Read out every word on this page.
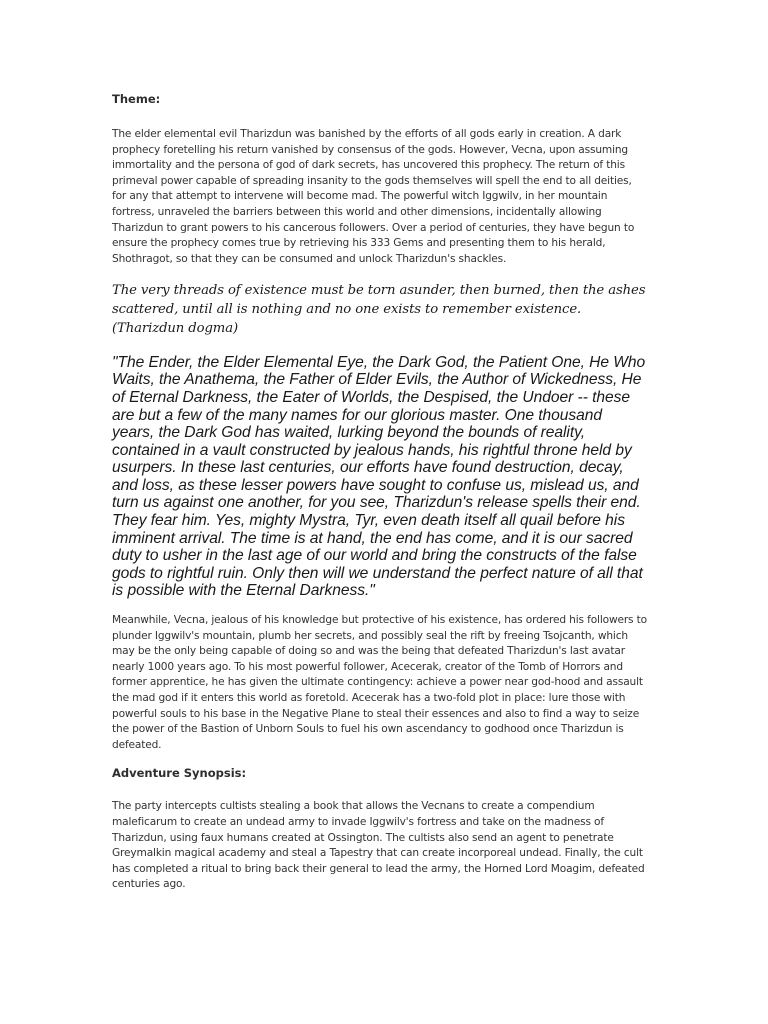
Theme:

The elder elemental evil Tharizdun was banished by the efforts of all gods early in creation. A dark prophecy foretelling his return vanished by consensus of the gods. However, Vecna, upon assuming immortality and the persona of god of dark secrets, has uncovered this prophecy. The return of this primeval power capable of spreading insanity to the gods themselves will spell the end to all deities, for any that attempt to intervene will become mad. The powerful witch Iggwilv, in her mountain fortress, unraveled the barriers between this world and other dimensions, incidentally allowing Tharizdun to grant powers to his cancerous followers. Over a period of centuries, they have begun to ensure the prophecy comes true by retrieving his 333 Gems and presenting them to his herald, Shothragot, so that they can be consumed and unlock Tharizdun's shackles.

The very threads of existence must be torn asunder, then burned, then the ashes scattered, until all is nothing and no one exists to remember existence. (Tharizdun dogma)

"The Ender, the Elder Elemental Eye, the Dark God, the Patient One, He Who Waits, the Anathema, the Father of Elder Evils, the Author of Wickedness, He of Eternal Darkness, the Eater of Worlds, the Despised, the Undoer -- these are but a few of the many names for our glorious master. One thousand years, the Dark God has waited, lurking beyond the bounds of reality, contained in a vault constructed by jealous hands, his rightful throne held by usurpers. In these last centuries, our efforts have found destruction, decay, and loss, as these lesser powers have sought to confuse us, mislead us, and turn us against one another, for you see, Tharizdun's release spells their end. They fear him. Yes, mighty Mystra, Tyr, even death itself all quail before his imminent arrival. The time is at hand, the end has come, and it is our sacred duty to usher in the last age of our world and bring the constructs of the false gods to rightful ruin. Only then will we understand the perfect nature of all that is possible with the Eternal Darkness."

Meanwhile, Vecna, jealous of his knowledge but protective of his existence, has ordered his followers to plunder Iggwilv's mountain, plumb her secrets, and possibly seal the rift by freeing Tsojcanth, which may be the only being capable of doing so and was the being that defeated Tharizdun's last avatar nearly 1000 years ago. To his most powerful follower, Acecerak, creator of the Tomb of Horrors and former apprentice, he has given the ultimate contingency: achieve a power near god-hood and assault the mad god if it enters this world as foretold. Acecerak has a two-fold plot in place: lure those with powerful souls to his base in the Negative Plane to steal their essences and also to find a way to seize the power of the Bastion of Unborn Souls to fuel his own ascendancy to godhood once Tharizdun is defeated.

Adventure Synopsis:

The party intercepts cultists stealing a book that allows the Vecnans to create a compendium maleficarum to create an undead army to invade Iggwilv's fortress and take on the madness of Tharizdun, using faux humans created at Ossington. The cultists also send an agent to penetrate Greymalkin magical academy and steal a Tapestry that can create incorporeal undead. Finally, the cult has completed a ritual to bring back their general to lead the army, the Horned Lord Moagim, defeated centuries ago.
